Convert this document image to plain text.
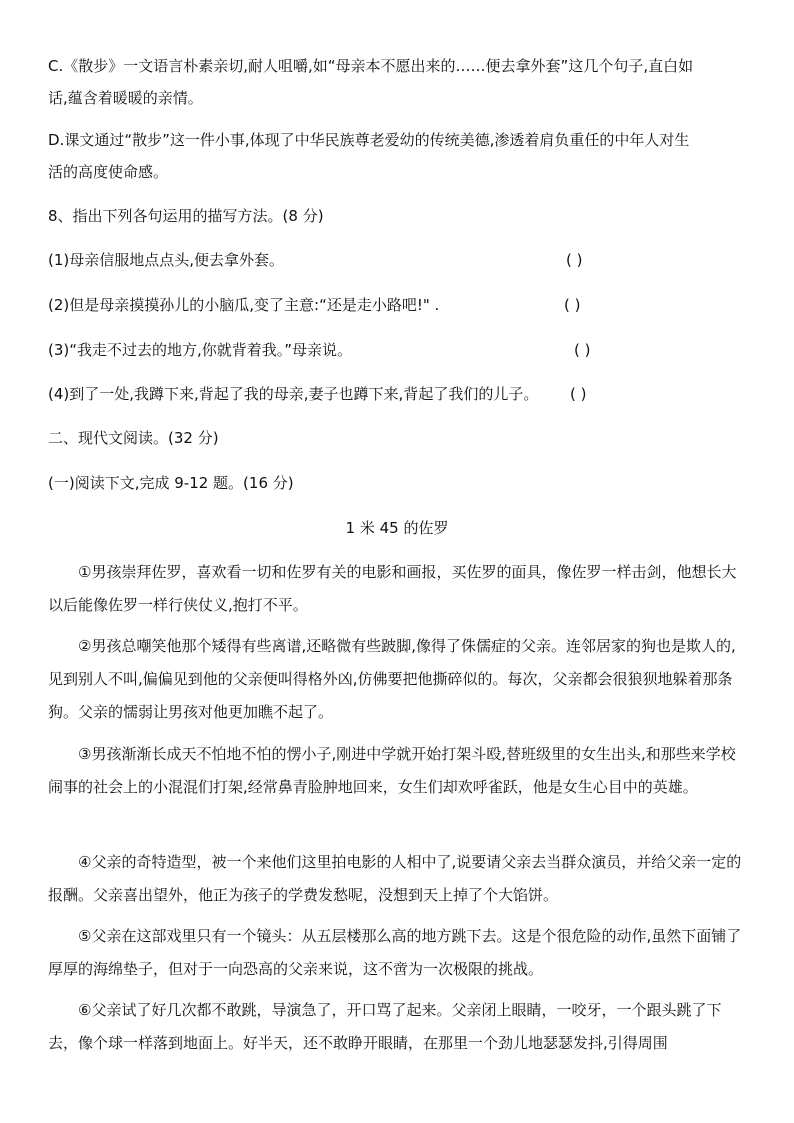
C.《散步》一文语言朴素亲切,耐人咀嚼,如“母亲本不愿出来的……便去拿外套”这几个句子,直白如
话,蕴含着暖暖的亲情。
D.课文通过“散步”这一件小事,体现了中华民族尊老爱幼的传统美德,渗透着肩负重任的中年人对生
活的高度使命感。
8、指出下列各句运用的描写方法。(8 分)
(1)母亲信服地点点头,便去拿外套。	( )
(2)但是母亲摸摸孙儿的小脑瓜,变了主意:“还是走小路吧!" .	( )
(3)“我走不过去的地方,你就背着我。”母亲说。	( )
(4)到了一处,我蹲下来,背起了我的母亲,妻子也蹲下来,背起了我们的儿子。 ( )
二、现代文阅读。(32 分)
(一)阅读下文,完成 9-12 题。(16 分)
1 米 45 的佐罗
①男孩崇拜佐罗，喜欢看一切和佐罗有关的电影和画报，买佐罗的面具，像佐罗一样击剑，他想长大以后能像佐罗一样行侠仗义,抱打不平。
②男孩总嘲笑他那个矮得有些离谱,还略微有些跛脚,像得了侏儒症的父亲。连邻居家的狗也是欺人的,见到别人不叫,偏偏见到他的父亲便叫得格外凶,仿佛要把他撕碎似的。每次，父亲都会很狼狈地躲着那条狗。父亲的懦弱让男孩对他更加瞧不起了。
③男孩渐渐长成天不怕地不怕的愣小子,刚进中学就开始打架斗殴,替班级里的女生出头,和那些来学校闹事的社会上的小混混们打架,经常鼻青脸肿地回来，女生们却欢呼雀跃，他是女生心目中的英雄。
④父亲的奇特造型，被一个来他们这里拍电影的人相中了,说要请父亲去当群众演员，并给父亲一定的报酬。父亲喜出望外，他正为孩子的学费发愁呢，没想到天上掉了个大馅饼。
⑤父亲在这部戏里只有一个镜头：从五层楼那么高的地方跳下去。这是个很危险的动作,虽然下面铺了厚厚的海绵垫子，但对于一向恐高的父亲来说，这不啻为一次极限的挑战。
⑥父亲试了好几次都不敢跳，导演急了，开口骂了起来。父亲闭上眼睛，一咬牙，一个跟头跳了下去，像个球一样落到地面上。好半天，还不敢睁开眼睛，在那里一个劲儿地瑟瑟发抖,引得周围
